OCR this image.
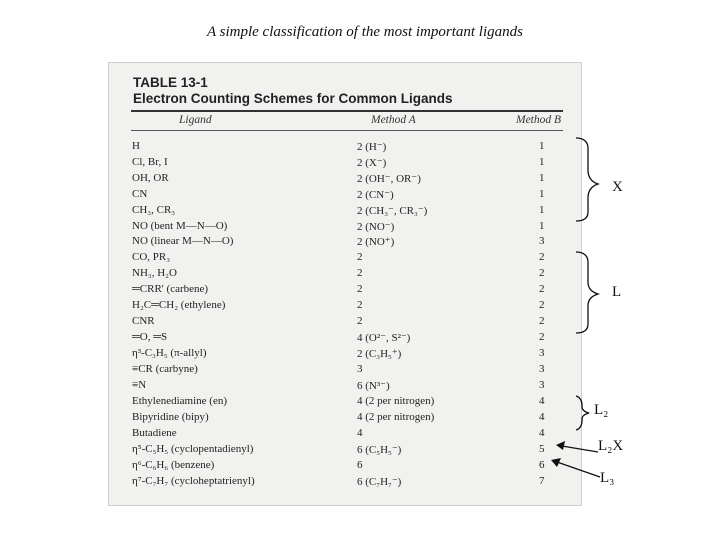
A simple classification of the most important ligands
TABLE 13-1
Electron Counting Schemes for Common Ligands
Ligand	Method A	Method B
H	2 (H⁻)	1
Cl, Br, I	2 (X⁻)	1
OH, OR	2 (OH⁻, OR⁻)	1
CN	2 (CN⁻)	1
CH₃, CR₃	2 (CH₃⁻, CR₃⁻)	1
NO (bent M—N—O)	2 (NO⁻)	1
NO (linear M—N—O)	2 (NO⁺)	3
CO, PR₃	2	2
NH₃, H₂O	2	2
═CRR' (carbene)	2	2
H₂C═CH₂ (ethylene)	2	2
CNR	2	2
═O, ═S	4 (O²⁻, S²⁻)	2
η³-C₃H₅ (π-allyl)	2 (C₃H₅⁺)	3
≡CR (carbyne)	3	3
≡N	6 (N³⁻)	3
Ethylenediamine (en)	4 (2 per nitrogen)	4
Bipyridine (bipy)	4 (2 per nitrogen)	4
Butadiene	4	4
η⁵-C₅H₅ (cyclopentadienyl)	6 (C₅H₅⁻)	5
η⁶-C₆H₆ (benzene)	6	6
η⁷-C₇H₇ (cycloheptatrienyl)	6 (C₇H₇⁻)	7
X
L
L₂
L₂X
L₃
